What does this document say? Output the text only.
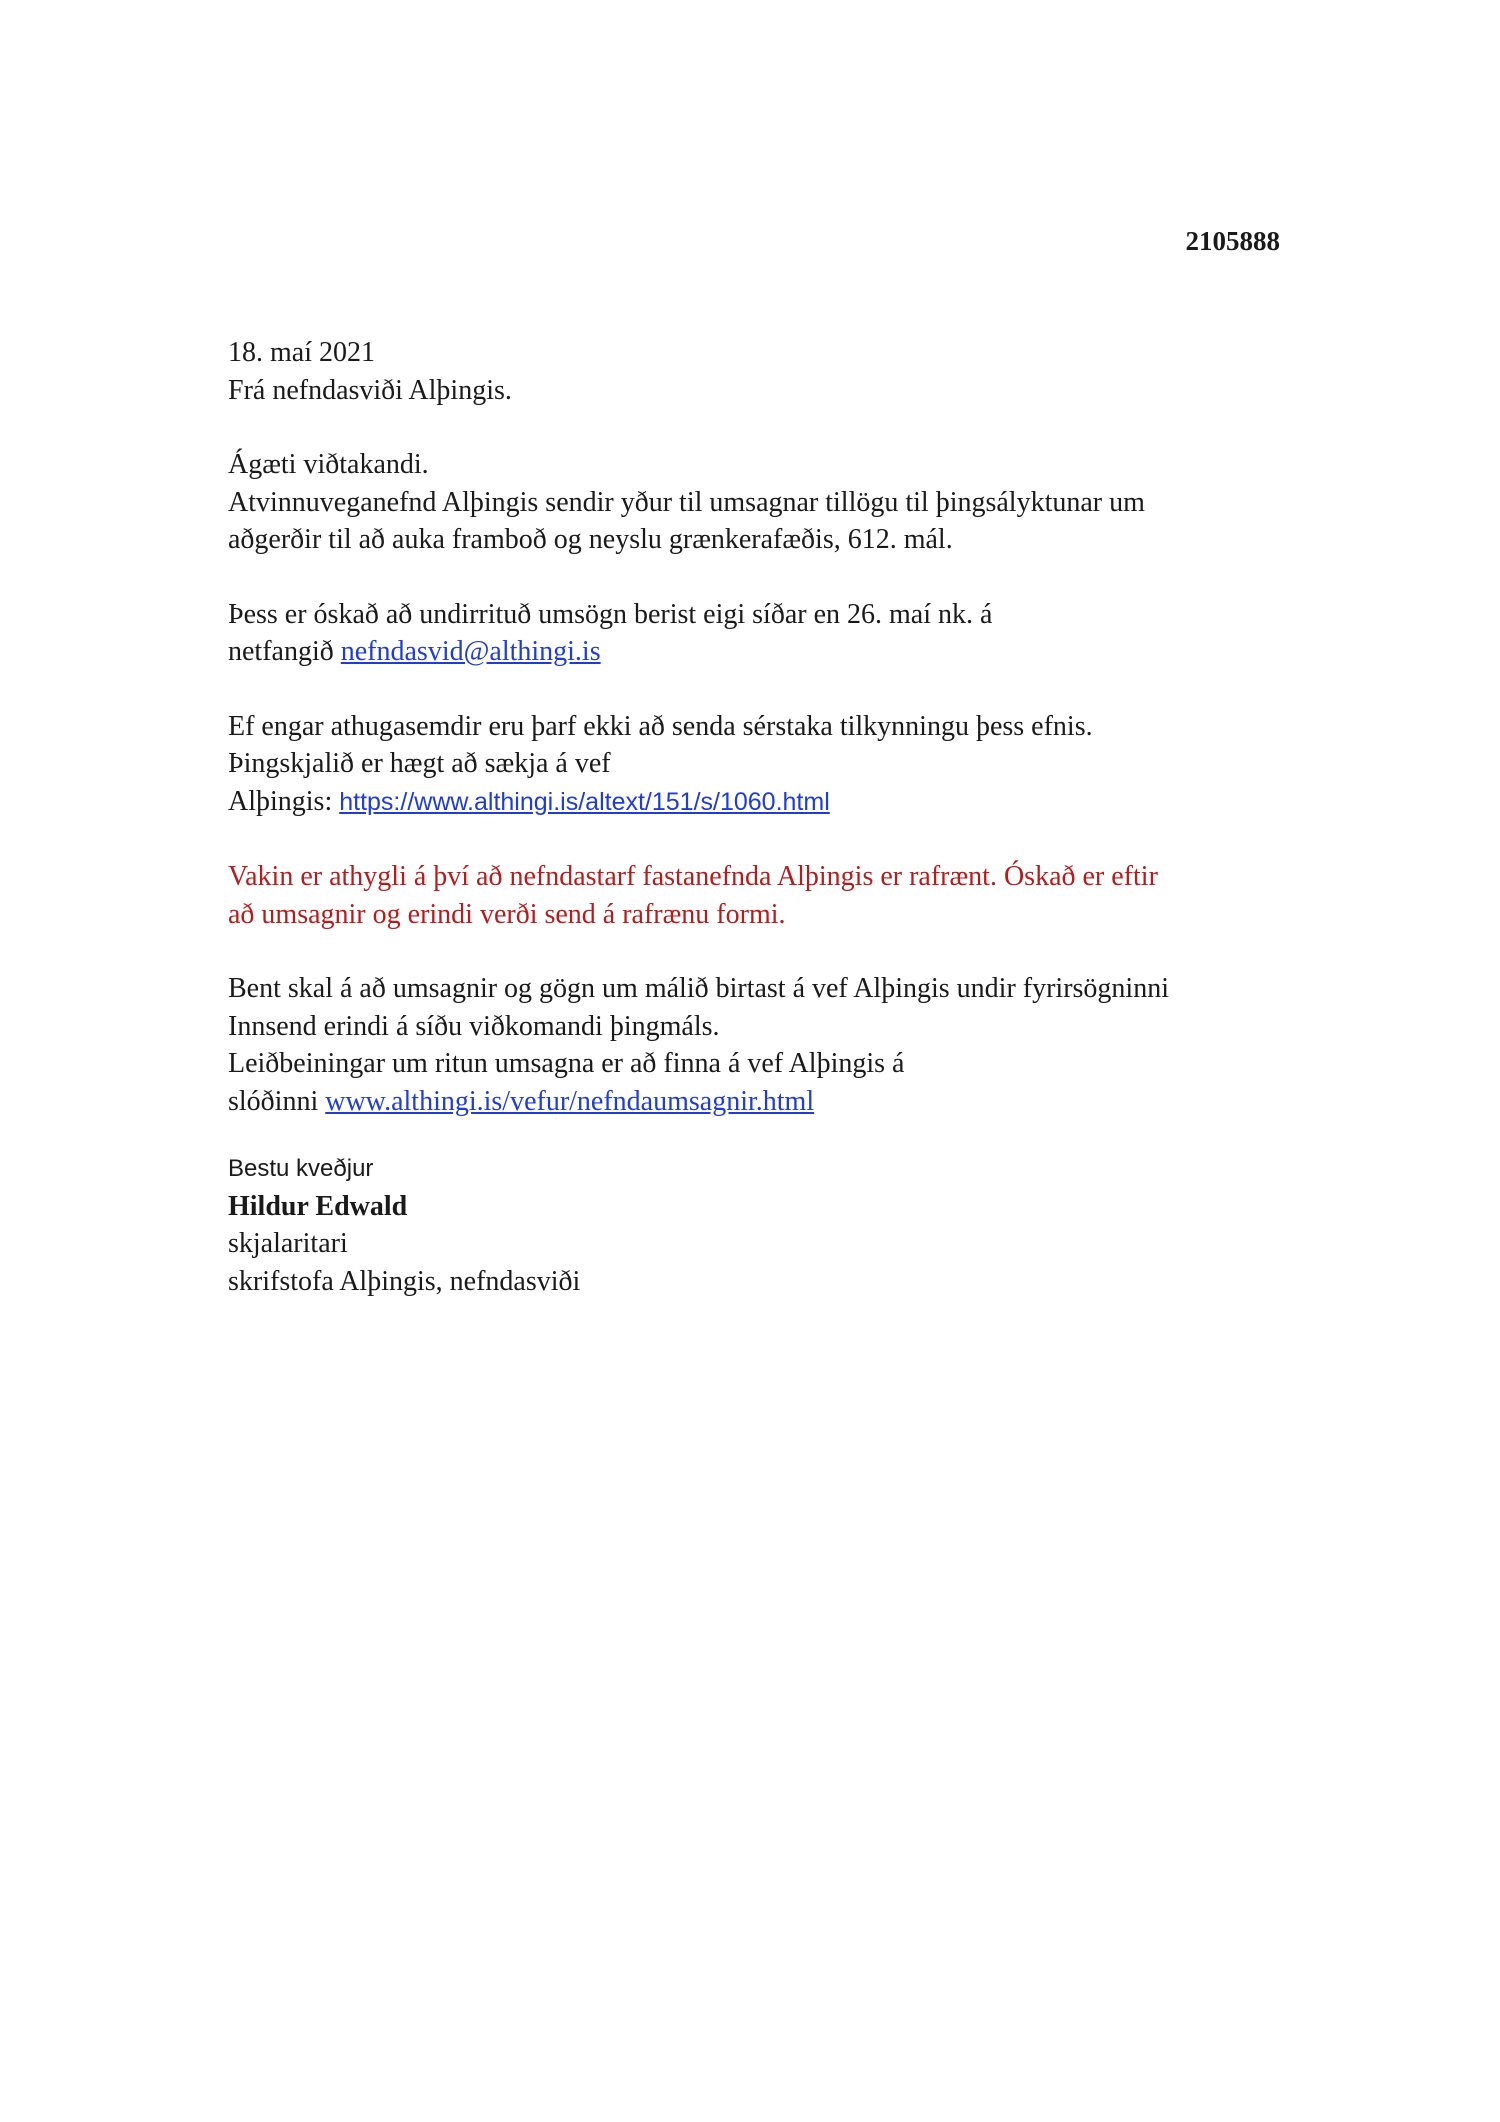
2105888

18. maí 2021

Frá nefndasviði Alþingis.

Ágæti viðtakandi.

Atvinnuveganefnd Alþingis sendir yður til umsagnar tillögu til þingsályktunar um

aðgerðir til að auka framboð og neyslu grænkerafæðis, 612. mál.

Þess er óskað að undirrituð umsögn berist eigi síðar en 26. maí nk. á

netfangið nefndasvid@althingi.is

Ef engar athugasemdir eru þarf ekki að senda sérstaka tilkynningu þess efnis.

Þingskjalið er hægt að sækja á vef

Alþingis: https://www.althingi.is/altext/151/s/1060.html

Vakin er athygli á því að nefndastarf fastanefnda Alþingis er rafrænt. Óskað er eftir

að umsagnir og erindi verði send á rafrænu formi.

Bent skal á að umsagnir og gögn um málið birtast á vef Alþingis undir fyrirsögninni

Innsend erindi á síðu viðkomandi þingmáls.

Leiðbeiningar um ritun umsagna er að finna á vef Alþingis á

slóðinni www.althingi.is/vefur/nefndaumsagnir.html

Bestu kveðjur

Hildur Edwald

skjalaritari

skrifstofa Alþingis, nefndasviði
